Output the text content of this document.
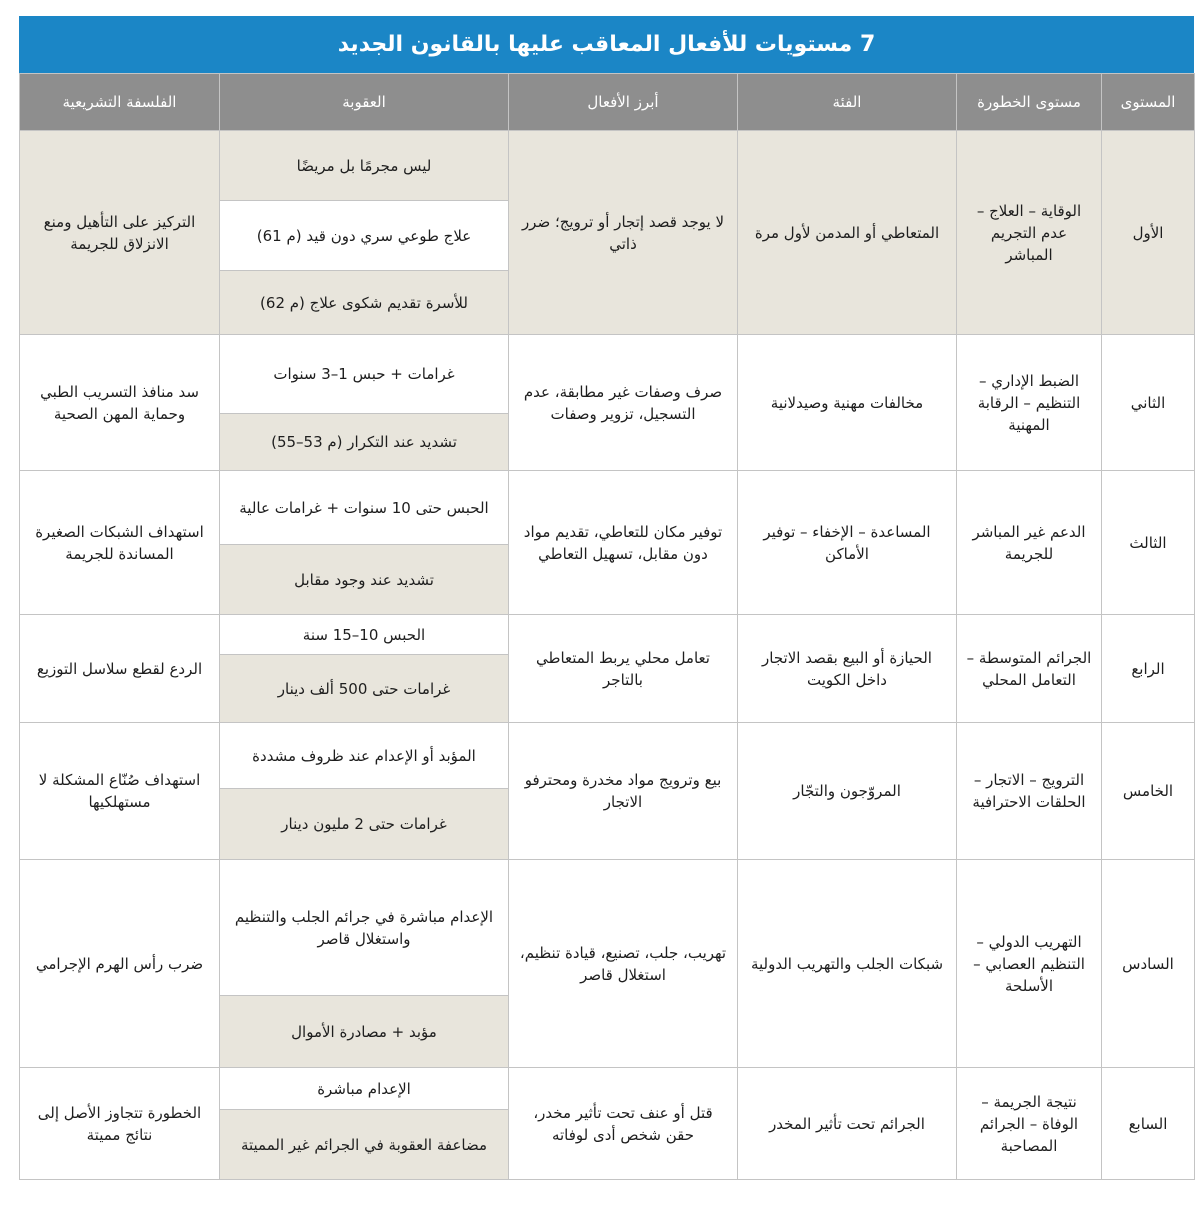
7 مستويات للأفعال المعاقب عليها بالقانون الجديد
المستوى	مستوى الخطورة	الفئة	أبرز الأفعال	العقوبة	الفلسفة التشريعية
الأول	الوقاية – العلاج – عدم التجريم المباشر	المتعاطي أو المدمن لأول مرة	لا يوجد قصد إتجار أو ترويج؛ ضرر ذاتي	ليس مجرمًا بل مريضًا	التركيز على التأهيل ومنع الانزلاق للجريمة
				علاج طوعي سري دون قيد (م 61)	
				للأسرة تقديم شكوى علاج (م 62)	
الثاني	الضبط الإداري – التنظيم – الرقابة المهنية	مخالفات مهنية وصيدلانية	صرف وصفات غير مطابقة، عدم التسجيل، تزوير وصفات	غرامات + حبس 1–3 سنوات	سد منافذ التسريب الطبي وحماية المهن الصحية
				تشديد عند التكرار (م 53–55)	
الثالث	الدعم غير المباشر للجريمة	المساعدة – الإخفاء – توفير الأماكن	توفير مكان للتعاطي، تقديم مواد دون مقابل، تسهيل التعاطي	الحبس حتى 10 سنوات + غرامات عالية	استهداف الشبكات الصغيرة المساندة للجريمة
				تشديد عند وجود مقابل	
الرابع	الجرائم المتوسطة – التعامل المحلي	الحيازة أو البيع بقصد الاتجار داخل الكويت	تعامل محلي يربط المتعاطي بالتاجر	الحبس 10–15 سنة	الردع لقطع سلاسل التوزيع
				غرامات حتى 500 ألف دينار	
الخامس	الترويج – الاتجار – الحلقات الاحترافية	المروّجون والتجّار	بيع وترويج مواد مخدرة ومحترفو الاتجار	المؤبد أو الإعدام عند ظروف مشددة	استهداف صُنّاع المشكلة لا مستهلكيها
				غرامات حتى 2 مليون دينار	
السادس	التهريب الدولي – التنظيم العصابي – الأسلحة	شبكات الجلب والتهريب الدولية	تهريب، جلب، تصنيع، قيادة تنظيم، استغلال قاصر	الإعدام مباشرة في جرائم الجلب والتنظيم واستغلال قاصر	ضرب رأس الهرم الإجرامي
				مؤبد + مصادرة الأموال	
السابع	نتيجة الجريمة – الوفاة – الجرائم المصاحبة	الجرائم تحت تأثير المخدر	قتل أو عنف تحت تأثير مخدر، حقن شخص أدى لوفاته	الإعدام مباشرة	الخطورة تتجاوز الأصل إلى نتائج مميتة
				مضاعفة العقوبة في الجرائم غير المميتة	
